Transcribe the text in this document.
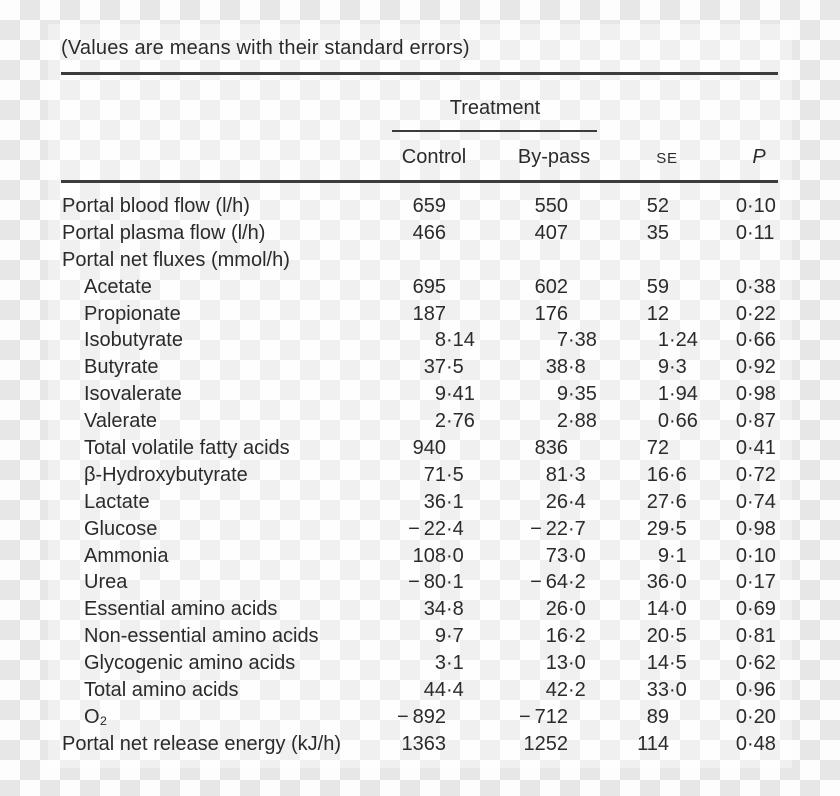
(Values are means with their standard errors)
Treatment
Control	By-pass	SE	P
Portal blood flow (l/h)	659	550	52	0 ·10
Portal plasma flow (l/h)	466	407	35	0 ·11
Portal net fluxes (mmol/h)
Acetate	695	602	59	0 ·38
Propionate	187	176	12	0 ·22
Isobutyrate	8 ·14	7 ·38	1 ·24	0 ·66
Butyrate	37 ·5	38 ·8	9 ·3	0 ·92
Isovalerate	9 ·41	9 ·35	1 ·94	0 ·98
Valerate	2 ·76	2 ·88	0 ·66	0 ·87
Total volatile fatty acids	940	836	72	0 ·41
β-Hydroxybutyrate	71 ·5	81 ·3	16 ·6	0 ·72
Lactate	36 ·1	26 ·4	27 ·6	0 ·74
Glucose	− 22 ·4	− 22 ·7	29 ·5	0 ·98
Ammonia	108 ·0	73 ·0	9 ·1	0 ·10
Urea	− 80 ·1	− 64 ·2	36 ·0	0 ·17
Essential amino acids	34 ·8	26 ·0	14 ·0	0 ·69
Non-essential amino acids	9 ·7	16 ·2	20 ·5	0 ·81
Glycogenic amino acids	3 ·1	13 ·0	14 ·5	0 ·62
Total amino acids	44 ·4	42 ·2	33 ·0	0 ·96
O₂	− 892	− 712	89	0 ·20
Portal net release energy (kJ/h)	1363	1252	114	0 ·48
